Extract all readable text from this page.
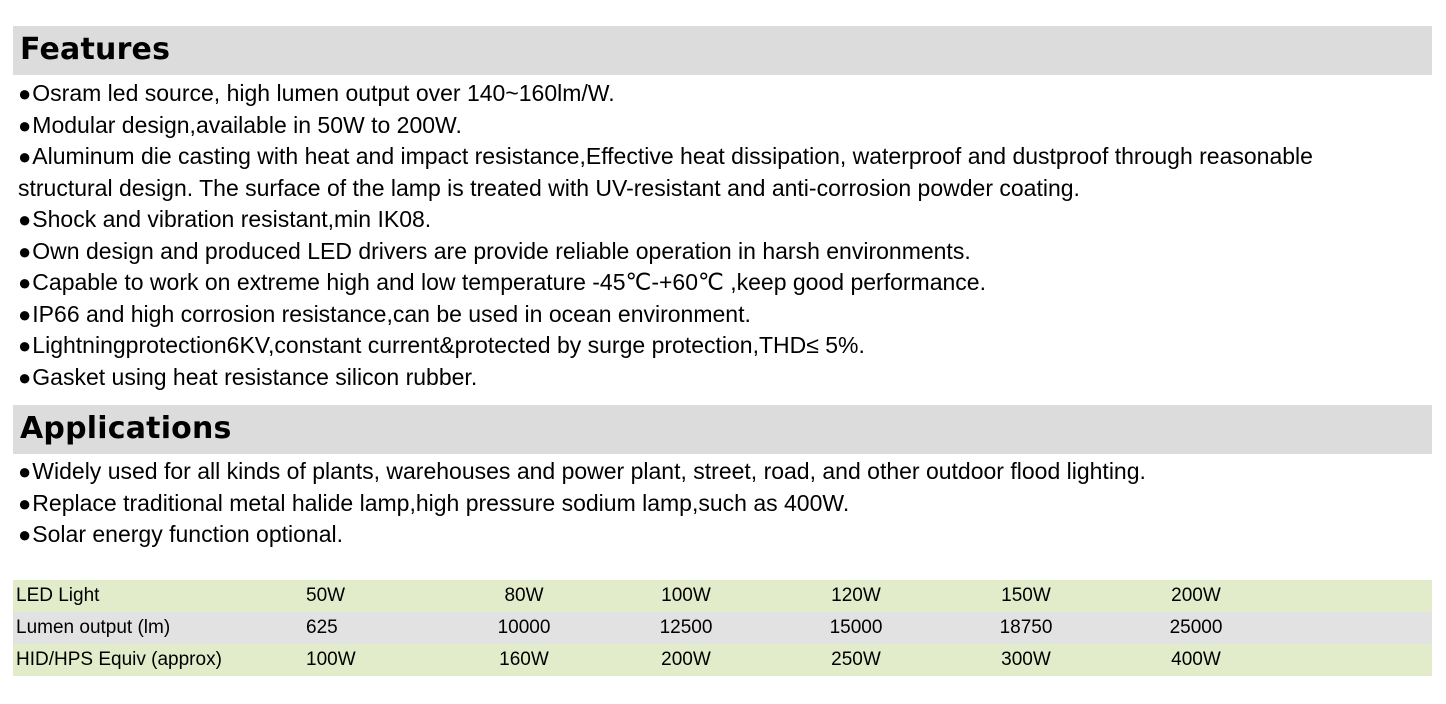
Features

●Osram led source, high lumen output over 140~160lm/W.

●Modular design,available in 50W to 200W.

●Aluminum die casting with heat and impact resistance,Effective heat dissipation, waterproof and dustproof through reasonable structural design. The surface of the lamp is treated with UV-resistant and anti-corrosion powder coating.

●Shock and vibration resistant,min IK08.

●Own design and produced LED drivers are provide reliable operation in harsh environments.

●Capable to work on extreme high and low temperature -45℃-+60℃ ,keep good performance.

●IP66 and high corrosion resistance,can be used in ocean environment.

●Lightningprotection6KV,constant current&protected by surge protection,THD≤ 5%.

●Gasket using heat resistance silicon rubber.

Applications

●Widely used for all kinds of plants, warehouses and power plant, street, road, and other outdoor flood lighting.

●Replace traditional metal halide lamp,high pressure sodium lamp,such as 400W.

●Solar energy function optional.

LED Light	50W	80W	100W	120W	150W	200W	
Lumen output (lm)	625	10000	12500	15000	18750	25000	
HID/HPS Equiv (approx)	100W	160W	200W	250W	300W	400W	
